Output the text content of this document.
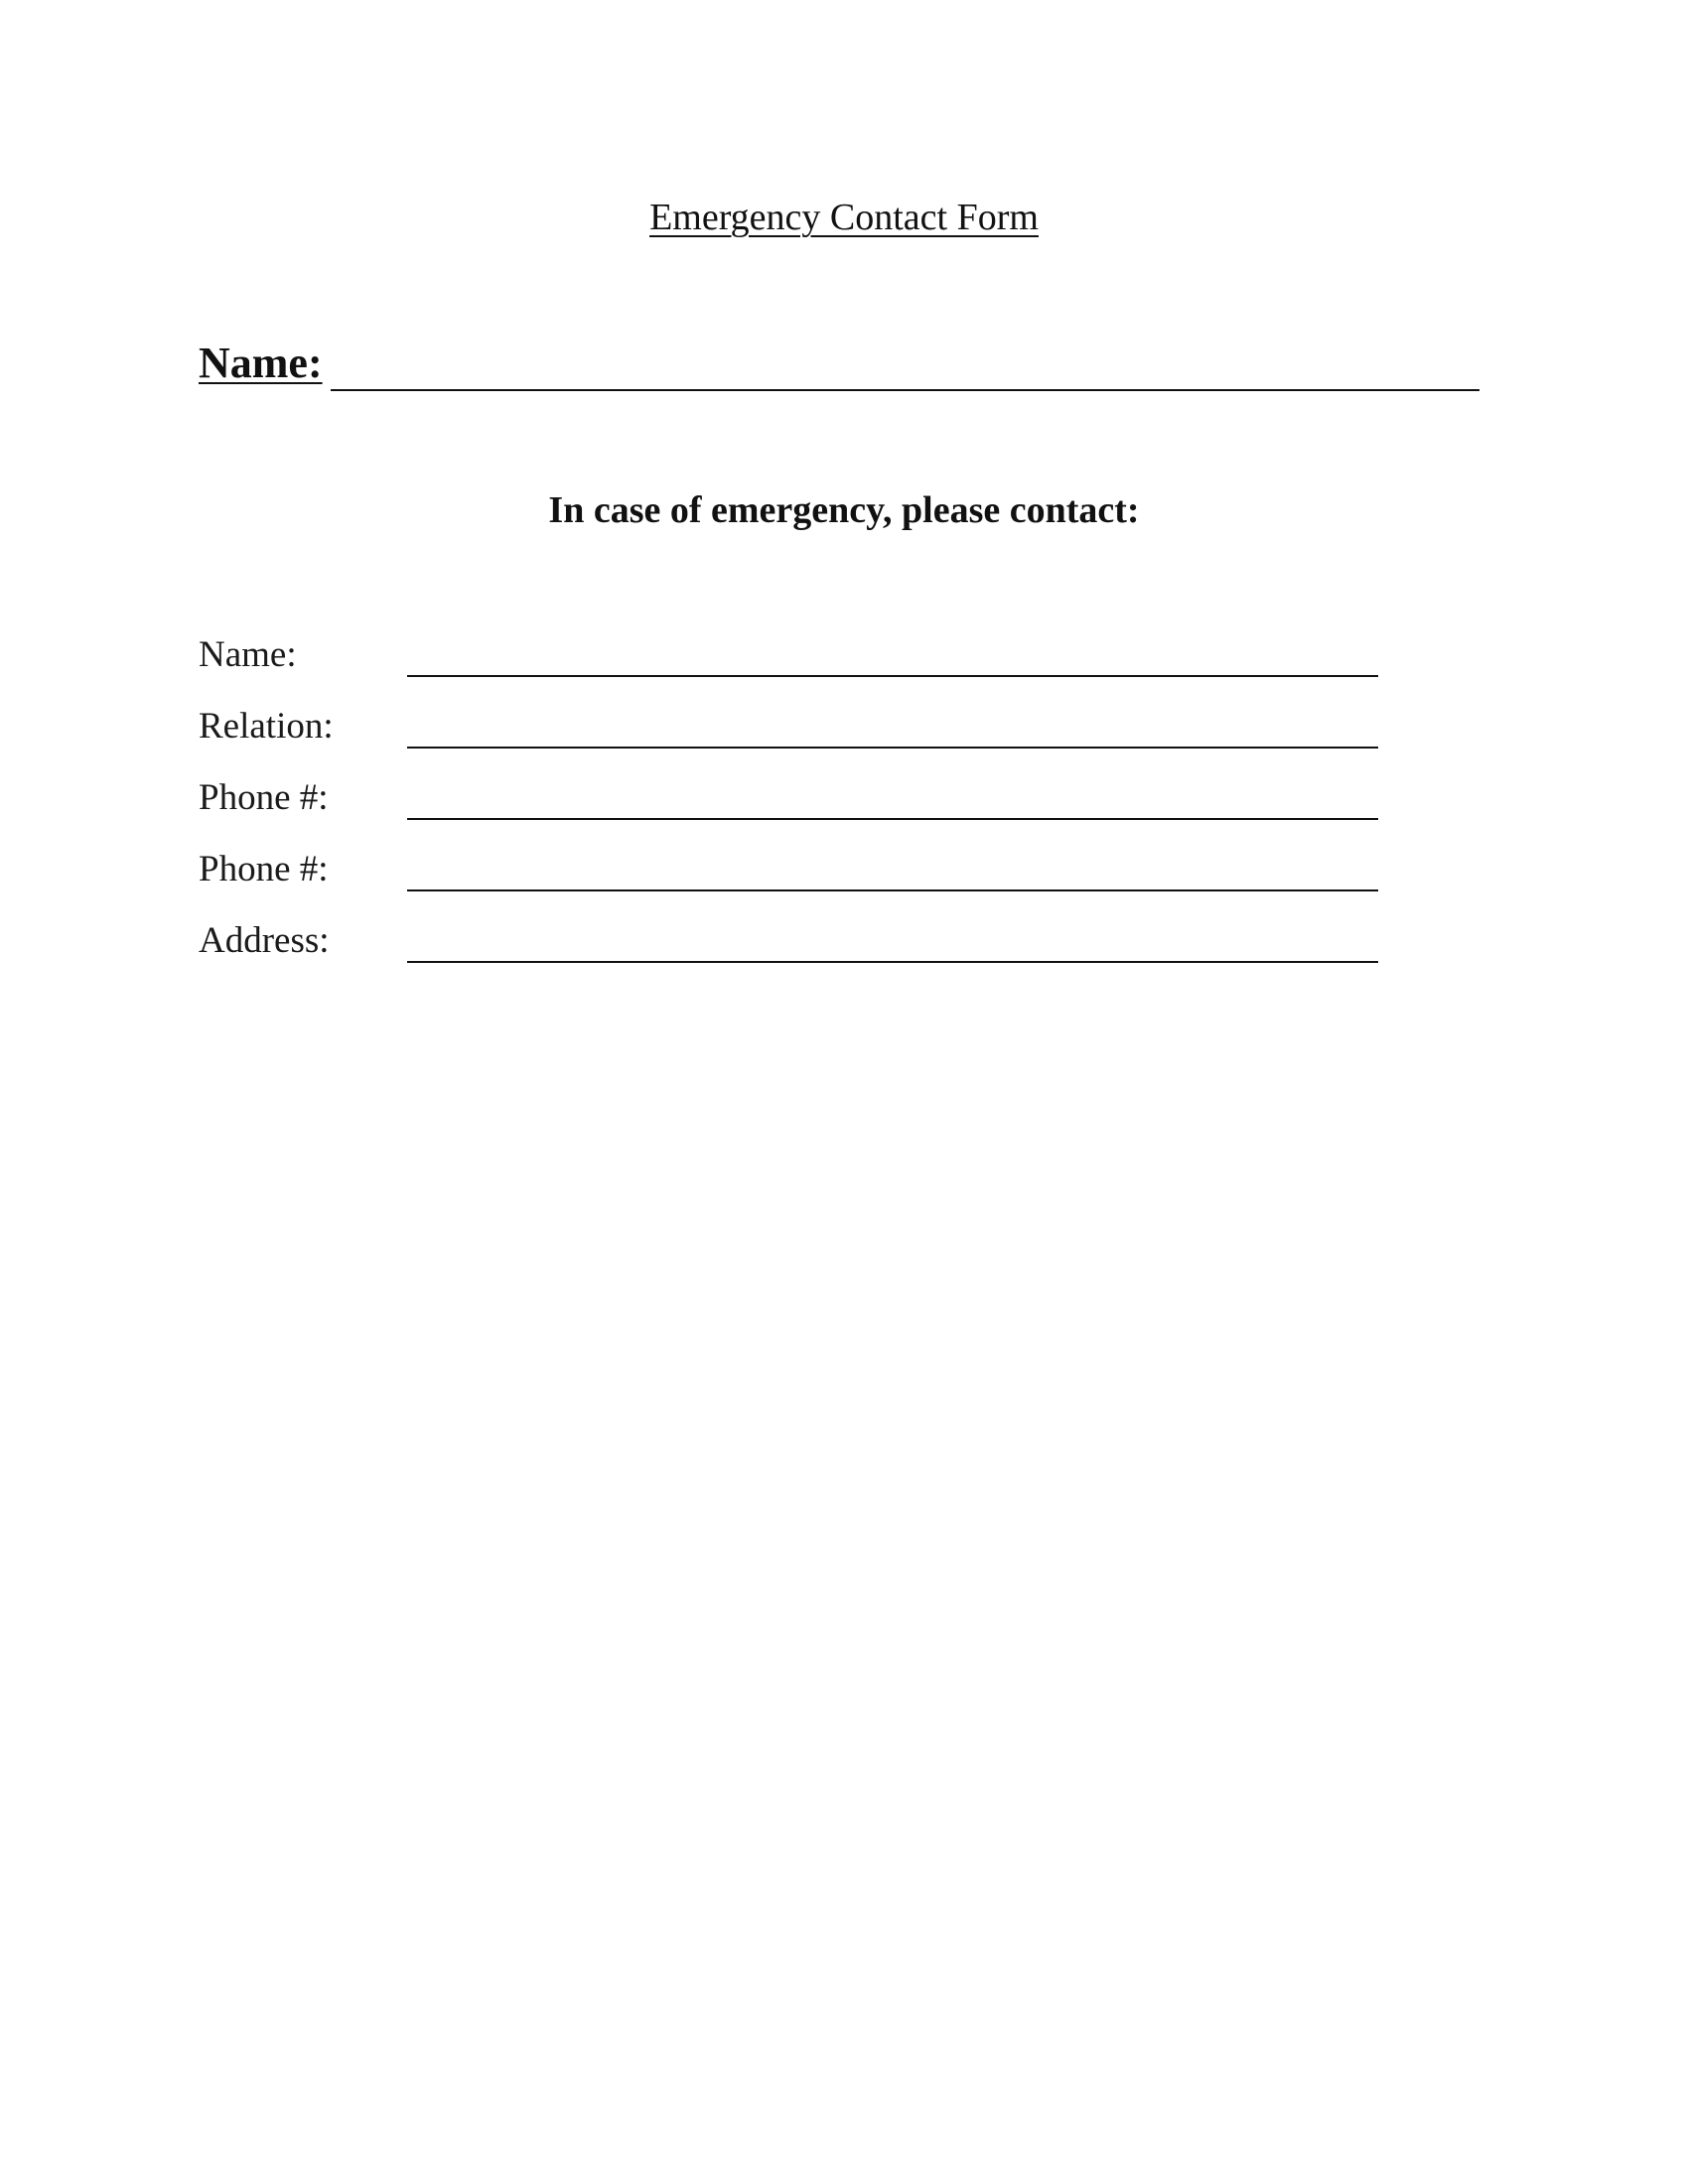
Emergency Contact Form
Name:
In case of emergency, please contact:
Name:
Relation:
Phone #:
Phone #:
Address:
